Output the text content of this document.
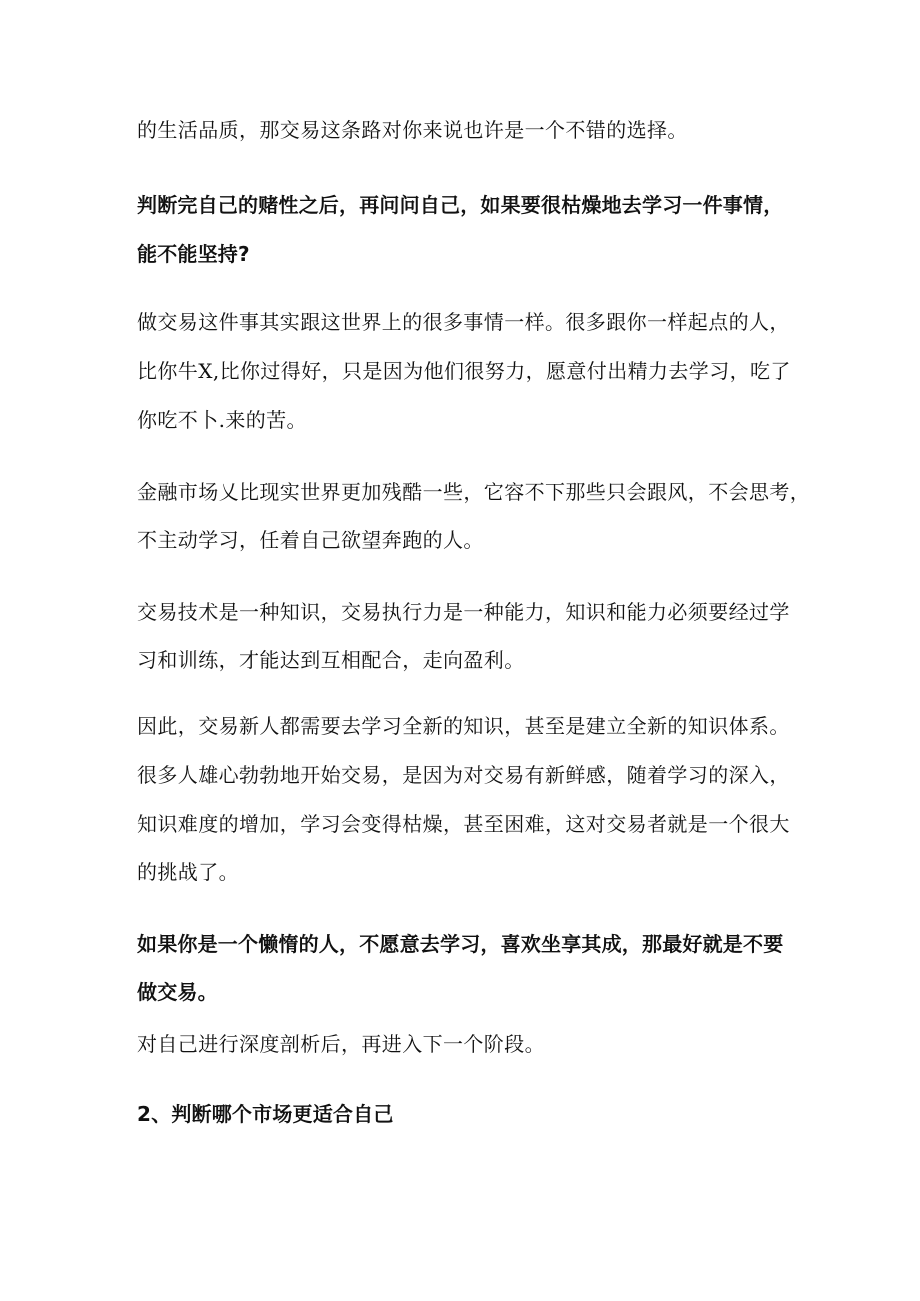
的生活品质，那交易这条路对你来说也许是一个不错的选择。
判断完自己的赌性之后，再问问自己，如果要很枯燥地去学习一件事情，
能不能坚持?
做交易这件事其实跟这世界上的很多事情一样。很多跟你一样起点的人，
比你牛X,比你过得好，只是因为他们很努力，愿意付出精力去学习，吃了
你吃不卜.来的苦。
金融市场乂比现实世界更加残酷一些，它容不下那些只会跟风，不会思考，
不主动学习，任着自己欲望奔跑的人。
交易技术是一种知识，交易执行力是一种能力，知识和能力必须要经过学
习和训练，才能达到互相配合，走向盈利。
因此，交易新人都需要去学习全新的知识，甚至是建立全新的知识体系。
很多人雄心勃勃地开始交易，是因为对交易有新鲜感，随着学习的深入，
知识难度的增加，学习会变得枯燥，甚至困难，这对交易者就是一个很大
的挑战了。
如果你是一个懒惰的人，不愿意去学习，喜欢坐享其成，那最好就是不要
做交易。
对自己进行深度剖析后，再进入下一个阶段。
2、判断哪个市场更适合自己
